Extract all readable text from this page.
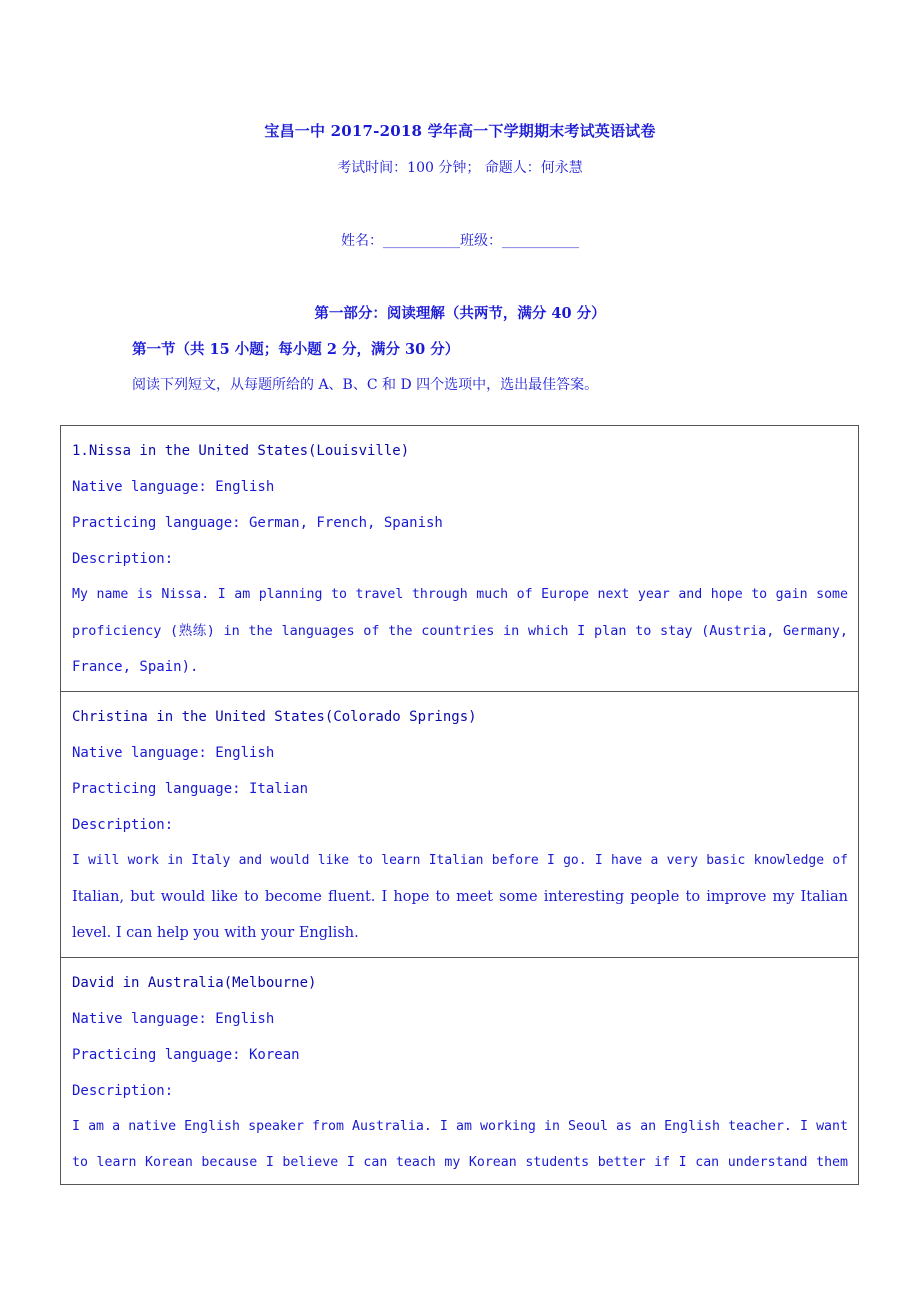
宝昌一中 2017-2018 学年高一下学期期末考试英语试卷
考试时间：100 分钟； 命题人：何永慧
姓名：___________班级：___________
第一部分：阅读理解（共两节，满分 40 分）
第一节（共 15 小题；每小题 2 分，满分 30 分）
阅读下列短文，从每题所给的 A、B、C 和 D 四个选项中，选出最佳答案。
1.Nissa in the United States(Louisville)
Native language: English
Practicing language: German, French, Spanish
Description:
My name is Nissa. I am planning to travel through much of Europe next year and hope to gain some
proficiency (熟练) in the languages of the countries in which I plan to stay (Austria, Germany,
France, Spain).
Christina in the United States(Colorado Springs)
Native language: English
Practicing language: Italian
Description:
I will work in Italy and would like to learn Italian before I go. I have a very basic knowledge of
Italian, but would like to become fluent. I hope to meet some interesting people to improve my Italian
level. I can help you with your English.
David in Australia(Melbourne)
Native language: English
Practicing language: Korean
Description:
I am a native English speaker from Australia. I am working in Seoul as an English teacher. I want
to learn Korean because I believe I can teach my Korean students better if I can understand them
